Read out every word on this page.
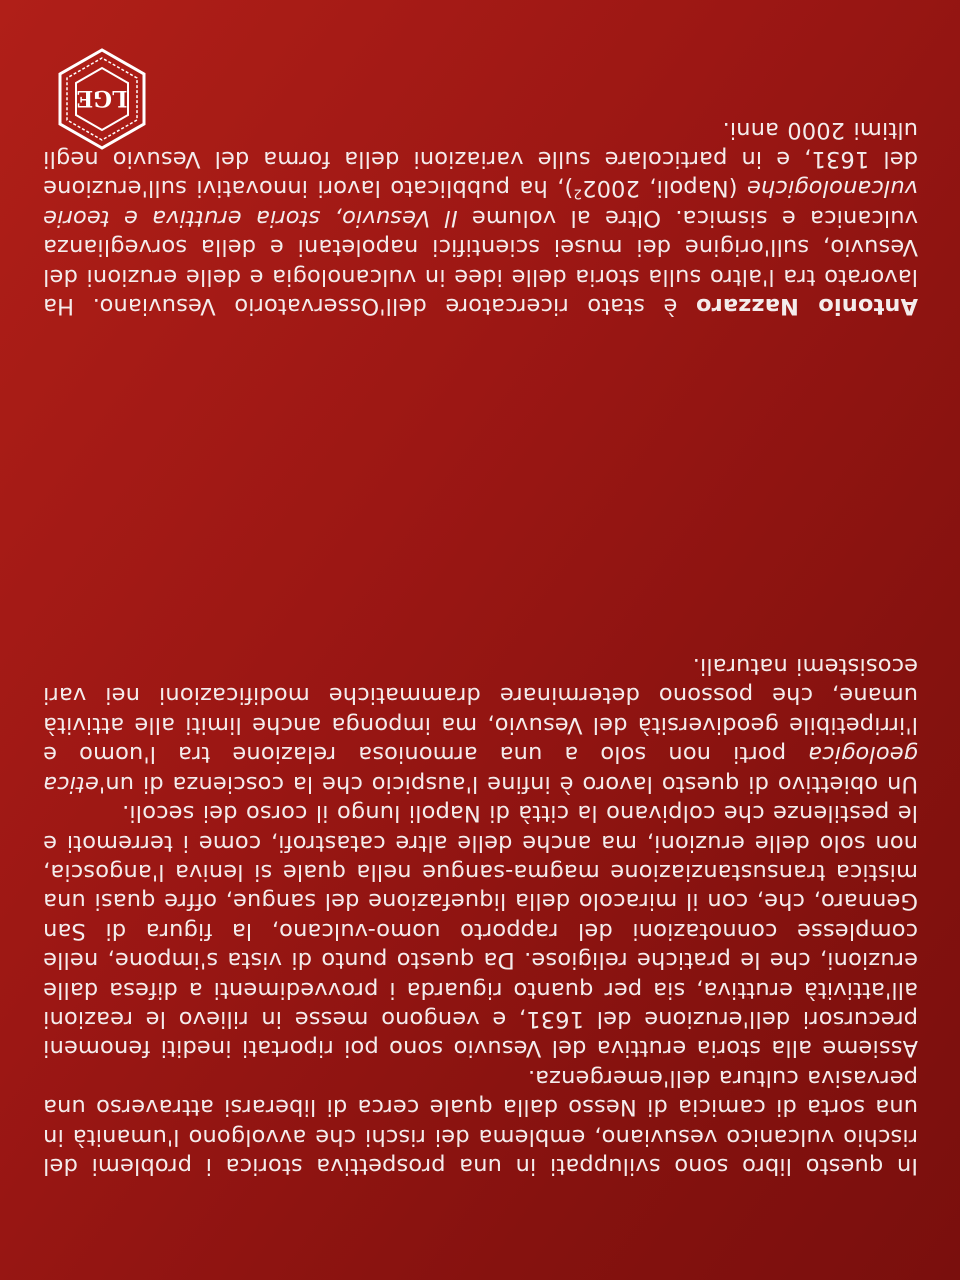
LGE

In questo libro sono sviluppati in una prospettiva storica i problemi del rischio vulcanico vesuviano, emblema dei rischi che avvolgono l'umanità in una sorta di camicia di Nesso dalla quale cerca di liberarsi attraverso una pervasiva cultura dell'emergenza.

Assieme alla storia eruttiva del Vesuvio sono poi riportati inediti fenomeni precursori dell'eruzione del 1631, e vengono messe in rilievo le reazioni all'attività eruttiva, sia per quanto riguarda i provvedimenti a difesa dalle eruzioni, che le pratiche religiose. Da questo punto di vista s'impone, nelle complesse connotazioni del rapporto uomo-vulcano, la figura di San Gennaro, che, con il miracolo della liquefazione del sangue, offre quasi una mistica transustanziazione magma-sangue nella quale si leniva l'angoscia, non solo delle eruzioni, ma anche delle altre catastrofi, come i terremoti e le pestilenze che colpivano la città di Napoli lungo il corso dei secoli.

Un obiettivo di questo lavoro è infine l'auspicio che la coscienza di un'etica geologica porti non solo a una armoniosa relazione tra l'uomo e l'irripetibile geodiversità del Vesuvio, ma imponga anche limiti alle attività umane, che possono determinare drammatiche modificazioni nei vari ecosistemi naturali.

Antonio Nazzaro è stato ricercatore dell'Osservatorio Vesuviano. Ha lavorato tra l'altro sulla storia delle idee in vulcanologia e delle eruzioni del Vesuvio, sull'origine dei musei scientifici napoletani e della sorveglianza vulcanica e sismica. Oltre al volume Il Vesuvio, storia eruttiva e teorie vulcanologiche (Napoli, 2002$^2$), ha pubblicato lavori innovativi sull'eruzione del 1631, e in particolare sulle variazioni della forma del Vesuvio negli ultimi 2000 anni.
